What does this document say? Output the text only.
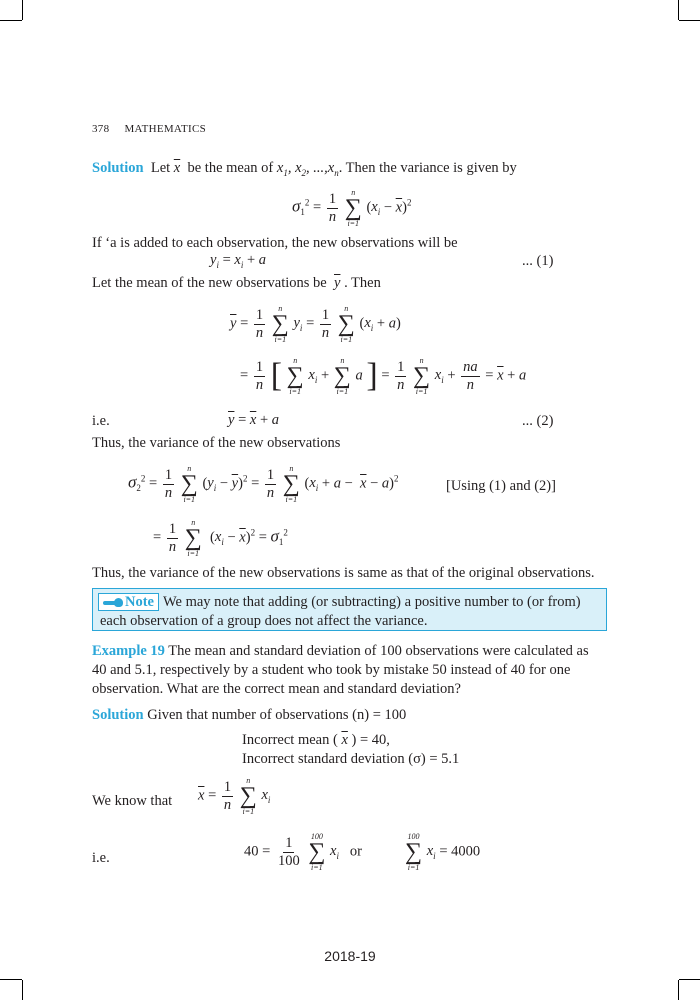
378 MATHEMATICS
Solution Let $\overline{x}$ be the mean of $x_1$, $x_2$, $...,x_n$. Then the variance is given by
$\sigma_1^2 = \frac{1}{n}$
n
∑
i=1
$(x_i - \overline{x})^2$
If ‘a is added to each observation, the new observations will be
$y_i = x_i + a$	... (1)
Let the mean of the new observations be $\overline{y}$ . Then
$\overline{y} = \frac{1}{n}$
n
∑
i=1
$y_i = \frac{1}{n}$
n
∑
i=1
$(x_i + a)$
= $\frac{1}{n}$ [ n
∑
i=1
$x_i$ +
n
∑
i=1
a ] = $\frac{1}{n}$
n
∑
i=1
$x_i + \frac{na}{n} = \overline{x} + a$
i.e.	$\overline{y} = \overline{x} + a$	... (2)
Thus, the variance of the new observations
$\sigma_2^2 = \frac{1}{n}$
n
∑
i=1
$(y_i - \overline{y})^2 = \frac{1}{n}$
n
∑
i=1
$(x_i + a - \overline{x} - a)^2$	[Using (1) and (2)]
= $\frac{1}{n}$
n
∑
i=1
$(x_i - \overline{x})^2 = \sigma_1^2$
Thus, the variance of the new observations is same as that of the original observations.
Note We may note that adding (or subtracting) a positive number to (or from)
each observation of a group does not affect the variance.
Example 19 The mean and standard deviation of 100 observations were calculated as
40 and 5.1, respectively by a student who took by mistake 50 instead of 40 for one
observation. What are the correct mean and standard deviation?
Solution Given that number of observations (n) = 100
Incorrect mean ( $\overline{x}$ ) = 40,
Incorrect standard deviation (σ) = 5.1
We know that $\overline{x} = \frac{1}{n}$
n
∑
i=1
$x_i$
i.e.	$40 = \frac{1}{100}$
100
∑
i=1
$x_i$ or
100
∑
i=1
$x_i = 4000$
2018-19
